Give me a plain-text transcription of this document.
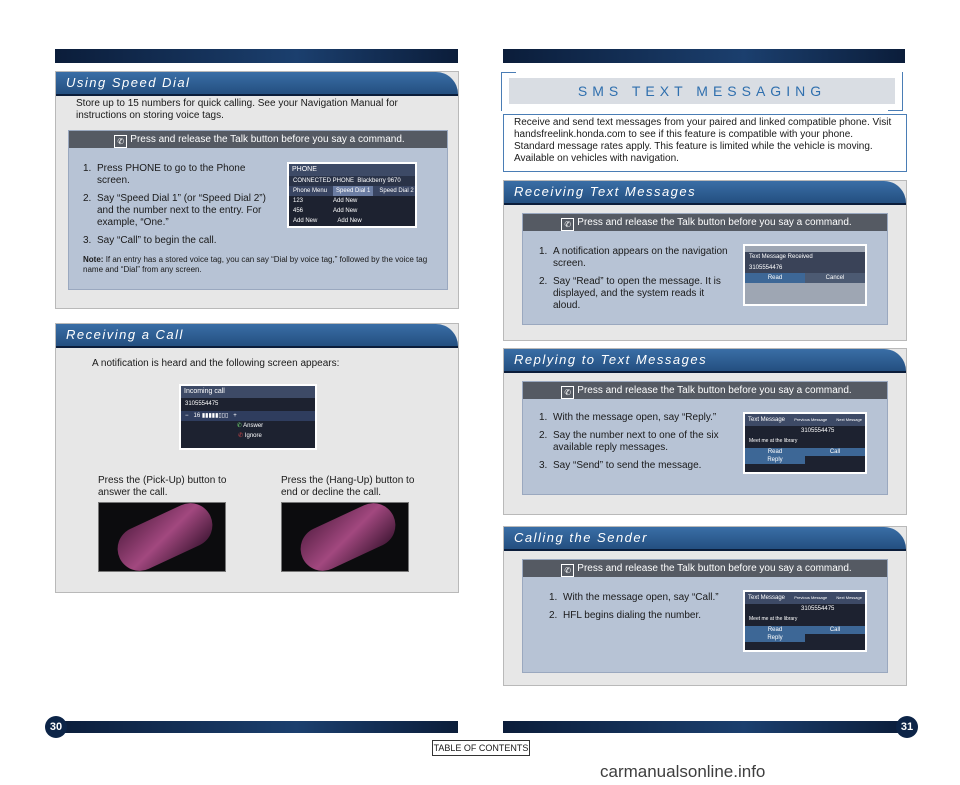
30	31
Using Speed Dial
Store up to 15 numbers for quick calling. See your Navigation Manual for instructions on storing voice tags.
✆ Press and release the Talk button before you say a command.
1. Press PHONE to go to the Phone screen.
2. Say “Speed Dial 1” (or “Speed Dial 2”) and the number next to the entry. For example, “One.”
3. Say “Call” to begin the call.
PHONE
CONNECTED PHONE Blackberry 9670
Phone Menu	Speed Dial 1	Speed Dial 2
123	Add New
456	Add New
Add New	Add New
Note: If an entry has a stored voice tag, you can say “Dial by voice tag,” followed by the voice tag name and “Dial” from any screen.
Receiving a Call
A notification is heard and the following screen appears:
Incoming call
3105554475
−   16 ▮▮▮▮▮▯▯▯   +
✆ Answer
✆ Ignore
Press the (Pick-Up) button to answer the call.
Press the (Hang-Up) button to end or decline the call.
SMS TEXT MESSAGING
Receive and send text messages from your paired and linked compatible phone. Visit handsfreelink.honda.com to see if this feature is compatible with your phone. Standard message rates apply. This feature is limited while the vehicle is moving. Available on vehicles with navigation.
Receiving Text Messages
✆ Press and release the Talk button before you say a command.
1. A notification appears on the navigation screen.
2. Say “Read” to open the message. It is displayed, and the system reads it aloud.
Text Message Received
3105554476
Read	Cancel
Replying to Text Messages
✆ Press and release the Talk button before you say a command.
1. With the message open, say “Reply.”
2. Say the number next to one of the six available reply messages.
3. Say “Send” to send the message.
Text Message Previous Message Next Message
3105554475
Meet me at the library
Read	Call
Reply
Calling the Sender
✆ Press and release the Talk button before you say a command.
1. With the message open, say “Call.”
2. HFL begins dialing the number.
Text Message Previous Message Next Message
3105554475
Meet me at the library
Read	Call
Reply
TABLE OF CONTENTS
carmanualsonline.info
